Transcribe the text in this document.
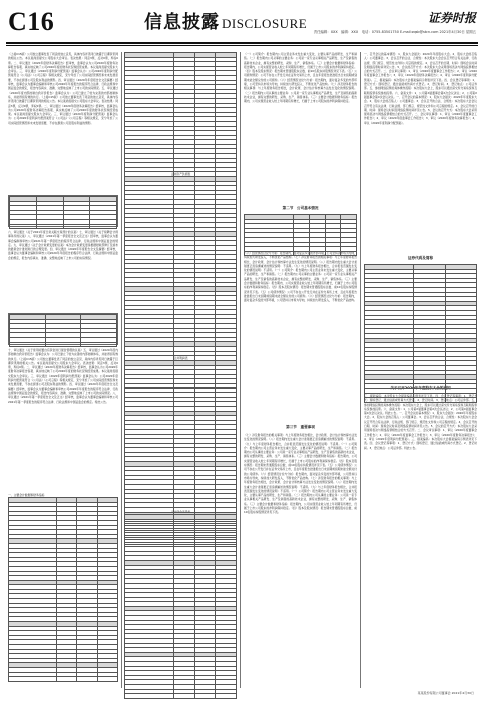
C16	信息披露 DISCLOSURE	证券时报
责任编辑：XXX　编辑：XXX　电话：0755-83501750 E-mail:zqsb@stcn.com 2021年4月30日 星期五
（上接C15版）公司独立董事发表了同意的独立意见，具体内容详见同日披露于巨潮资讯网的相关公告。本议案尚需提交公司股东大会审议。表决结果：同意3票，反对0票，弃权0票。二、审议通过《2020年度财务决算报告》经审核，监事会认为公司2020年度财务决算报告客观、真实地反映了公司2020年度的财务状况和经营成果。本议案尚需提交股东大会审议。三、审议通过《2020年度利润分配预案》监事会认为：公司2020年度利润分配预案符合《公司法》《公司章程》等相关规定，充分考虑了公司实际经营情况和未来发展需要，不存在损害公司及股东利益的情形。四、审议通过《2020年年度报告全文及摘要》经审核，监事会认为董事会编制和审核公司2020年年度报告的程序符合法律、行政法规和中国证监会的规定，报告内容真实、准确、完整地反映了上市公司的实际情况。五、审议通过《2020年度内部控制自我评价报告》监事会认为：公司已建立了较为完善的内部控制体系，并能得到有效的执行。（上接C15版）公司独立董事发表了同意的独立意见，具体内容详见同日披露于巨潮资讯网的相关公告。本议案尚需提交公司股东大会审议。表决结果：同意3票，反对0票，弃权0票。二、审议通过《2020年度财务决算报告》经审核，监事会认为公司2020年度财务决算报告客观、真实地反映了公司2020年度的财务状况和经营成果。本议案尚需提交股东大会审议。三、审议通过《2020年度利润分配预案》监事会认为：公司2020年度利润分配预案符合《公司法》《公司章程》等相关规定，充分考虑了公司实际经营情况和未来发展需要，不存在损害公司及股东利益的情形。

六、审议通过《关于2021年度日常关联交易预计的议案》七、审议通过《关于续聘会计师事务所的议案》八、审议通过《2021年第一季度报告全文及正文》经审核，监事会认为董事会编制和审核公司2021年第一季度报告的程序符合法律、行政法规和中国证监会的规定。九、审议通过《关于会计政策变更的议案》本次会计政策变更是根据财政部修订及颁布的最新会计准则进行的合理变更。四、审议通过《2020年年度报告全文及摘要》经审核，监事会认为董事会编制和审核公司2020年年度报告的程序符合法律、行政法规和中国证监会的规定，报告内容真实、准确、完整地反映了上市公司的实际情况。

十、审议通过《关于使用闲置自有资金进行现金管理的议案》五、审议通过《2020年度内部控制自我评价报告》监事会认为：公司已建立了较为完善的内部控制体系，并能得到有效的执行。（上接C15版）公司独立董事发表了同意的独立意见，具体内容详见同日披露于巨潮资讯网的相关公告。本议案尚需提交公司股东大会审议。表决结果：同意3票，反对0票，弃权0票。二、审议通过《2020年度财务决算报告》经审核，监事会认为公司2020年度财务决算报告客观、真实地反映了公司2020年度的财务状况和经营成果。本议案尚需提交股东大会审议。三、审议通过《2020年度利润分配预案》监事会认为：公司2020年度利润分配预案符合《公司法》《公司章程》等相关规定，充分考虑了公司实际经营情况和未来发展需要，不存在损害公司及股东利益的情形。四、审议通过《2020年年度报告全文及摘要》经审核，监事会认为董事会编制和审核公司2020年年度报告的程序符合法律、行政法规和中国证监会的规定，报告内容真实、准确、完整地反映了上市公司的实际情况。八、审议通过《2021年第一季度报告全文及正文》经审核，监事会认为董事会编制和审核公司2021年第一季度报告的程序符合法律、行政法规和中国证监会的规定。特此公告。
一、主要会计数据和财务指标

合并资产负债表

合并利润表

（一）公司简介：报告期内公司主营业务未发生重大变化，主要从事产品的研发、生产和销售。（二）报告期内公司从事的主要业务：公司是一家专业从事相关产品研发、生产及销售的高新技术企业，拥有完整的研发、采购、生产、销售体系。（三）主要会计数据和财务指标：报告期内，公司实现营业收入较上年同期有所增长，归属于上市公司股东的净利润保持稳定。（四）股本及股东情况：报告期末普通股股东总数、前10名股东持股情况详见下表。（五）公司债券情况：公司不存在公开发行并在证券交易所上市，且在年度报告批准报出日未到期或到期未能全额兑付的公司债券。（六）经营情况讨论与分析：报告期内，面对复杂多变的外部环境，公司坚持以市场为导向，持续加大研发投入，不断优化产品结构。（七）涉及财务报告的相关事项：与上年度财务报告相比，会计政策、会计估计和核算方法发生变化的情况说明。（二）报告期内公司从事的主要业务：公司是一家专业从事相关产品研发、生产及销售的高新技术企业，拥有完整的研发、采购、生产、销售体系。（三）主要会计数据和财务指标：报告期内，公司实现营业收入较上年同期有所增长，归属于上市公司股东的净利润保持稳定。
第二节　公司基本情况

（六）经营情况讨论与分析：报告期内，面对复杂多变的外部环境，公司坚持以市场为导向，持续加大研发投入，不断优化产品结构。（七）涉及财务报告的相关事项：与上年度财务报告相比，会计政策、会计估计和核算方法发生变化的情况说明。（八）报告期内发生重大会计差错更正需追溯重述的情况说明：不适用。（九）与上年度财务报告相比，合并报表范围发生变化的情况说明：不适用。（一）公司简介：报告期内公司主营业务未发生重大变化，主要从事产品的研发、生产和销售。（二）报告期内公司从事的主要业务：公司是一家专业从事相关产品研发、生产及销售的高新技术企业，拥有完整的研发、采购、生产、销售体系。（三）主要会计数据和财务指标：报告期内，公司实现营业收入较上年同期有所增长，归属于上市公司股东的净利润保持稳定。（四）股本及股东情况：报告期末普通股股东总数、前10名股东持股情况详见下表。（五）公司债券情况：公司不存在公开发行并在证券交易所上市，且在年度报告批准报出日未到期或到期未能全额兑付的公司债券。（六）经营情况讨论与分析：报告期内，面对复杂多变的外部环境，公司坚持以市场为导向，持续加大研发投入，不断优化产品结构。
第三节　重要事项
（七）涉及财务报告的相关事项：与上年度财务报告相比，会计政策、会计估计和核算方法发生变化的情况说明。（八）报告期内发生重大会计差错更正需追溯重述的情况说明：不适用。（九）与上年度财务报告相比，合并报表范围发生变化的情况说明：不适用。（一）公司简介：报告期内公司主营业务未发生重大变化，主要从事产品的研发、生产和销售。（二）报告期内公司从事的主要业务：公司是一家专业从事相关产品研发、生产及销售的高新技术企业，拥有完整的研发、采购、生产、销售体系。（三）主要会计数据和财务指标：报告期内，公司实现营业收入较上年同期有所增长，归属于上市公司股东的净利润保持稳定。（四）股本及股东情况：报告期末普通股股东总数、前10名股东持股情况详见下表。（五）公司债券情况：公司不存在公开发行并在证券交易所上市，且在年度报告批准报出日未到期或到期未能全额兑付的公司债券。（六）经营情况讨论与分析：报告期内，面对复杂多变的外部环境，公司坚持以市场为导向，持续加大研发投入，不断优化产品结构。（七）涉及财务报告的相关事项：与上年度财务报告相比，会计政策、会计估计和核算方法发生变化的情况说明。（八）报告期内发生重大会计差错更正需追溯重述的情况说明：不适用。（九）与上年度财务报告相比，合并报表范围发生变化的情况说明：不适用。（一）公司简介：报告期内公司主营业务未发生重大变化，主要从事产品的研发、生产和销售。（二）报告期内公司从事的主要业务：公司是一家专业从事相关产品研发、生产及销售的高新技术企业，拥有完整的研发、采购、生产、销售体系。（三）主要会计数据和财务指标：报告期内，公司实现营业收入较上年同期有所增长，归属于上市公司股东的净利润保持稳定。（四）股本及股东情况：报告期末普通股股东总数、前10名股东持股情况详见下表。
一、召开会议的基本情况：1、股东大会届次：2020年年度股东大会。2、股东大会的召集人：公司董事会。3、会议召开的合法、合规性：本次股东大会会议召开符合有关法律、行政法规、部门规章、规范性文件和公司章程的规定。4、会议召开的日期、时间：现场会议时间及网络投票时间详见公告。5、会议的召开方式：本次股东大会采用现场表决与网络投票相结合的方式召开。二、会议审议事项：1、审议《2020年度董事会工作报告》；2、审议《2020年度监事会工作报告》；3、审议《2020年度财务决算报告》；4、审议《2020年度利润分配预案》。三、提案编码：本次股东大会提案编码示例表详见下表。四、会议登记等事项：1、登记方式：现场登记、通过信函或传真方式登记。2、登记时间。3、登记地点：公司证券部。五、参加网络投票的具体操作流程：本次股东大会上，股东可以通过深交所交易系统和互联网投票系统参加投票。六、备查文件：1、公司第X届董事会第X次会议决议；2、公司第X届监事会第X次会议决议。一、召开会议的基本情况：1、股东大会届次：2020年年度股东大会。2、股东大会的召集人：公司董事会。3、会议召开的合法、合规性：本次股东大会会议召开符合有关法律、行政法规、部门规章、规范性文件和公司章程的规定。4、会议召开的日期、时间：现场会议时间及网络投票时间详见公告。5、会议的召开方式：本次股东大会采用现场表决与网络投票相结合的方式召开。二、会议审议事项：1、审议《2020年度董事会工作报告》；2、审议《2020年度监事会工作报告》；3、审议《2020年度财务决算报告》；4、审议《2020年度利润分配预案》。
证券代码及简称

关于召开2020年年度股东大会的通知
三、提案编码：本次股东大会提案编码示例表详见下表。四、会议登记等事项：1、登记方式：现场登记、通过信函或传真方式登记。2、登记时间。3、登记地点：公司证券部。五、参加网络投票的具体操作流程：本次股东大会上，股东可以通过深交所交易系统和互联网投票系统参加投票。六、备查文件：1、公司第X届董事会第X次会议决议；2、公司第X届监事会第X次会议决议。特此公告。一、召开会议的基本情况：1、股东大会届次：2020年年度股东大会。2、股东大会的召集人：公司董事会。3、会议召开的合法、合规性：本次股东大会会议召开符合有关法律、行政法规、部门规章、规范性文件和公司章程的规定。4、会议召开的日期、时间：现场会议时间及网络投票时间详见公告。5、会议的召开方式：本次股东大会采用现场表决与网络投票相结合的方式召开。二、会议审议事项：1、审议《2020年度董事会工作报告》；2、审议《2020年度监事会工作报告》；3、审议《2020年度财务决算报告》；4、审议《2020年度利润分配预案》。三、提案编码：本次股东大会提案编码示例表详见下表。四、会议登记等事项：1、登记方式：现场登记、通过信函或传真方式登记。2、登记时间。3、登记地点：公司证券部。特此公告。
某某股份有限公司董事会 2021年4月30日
